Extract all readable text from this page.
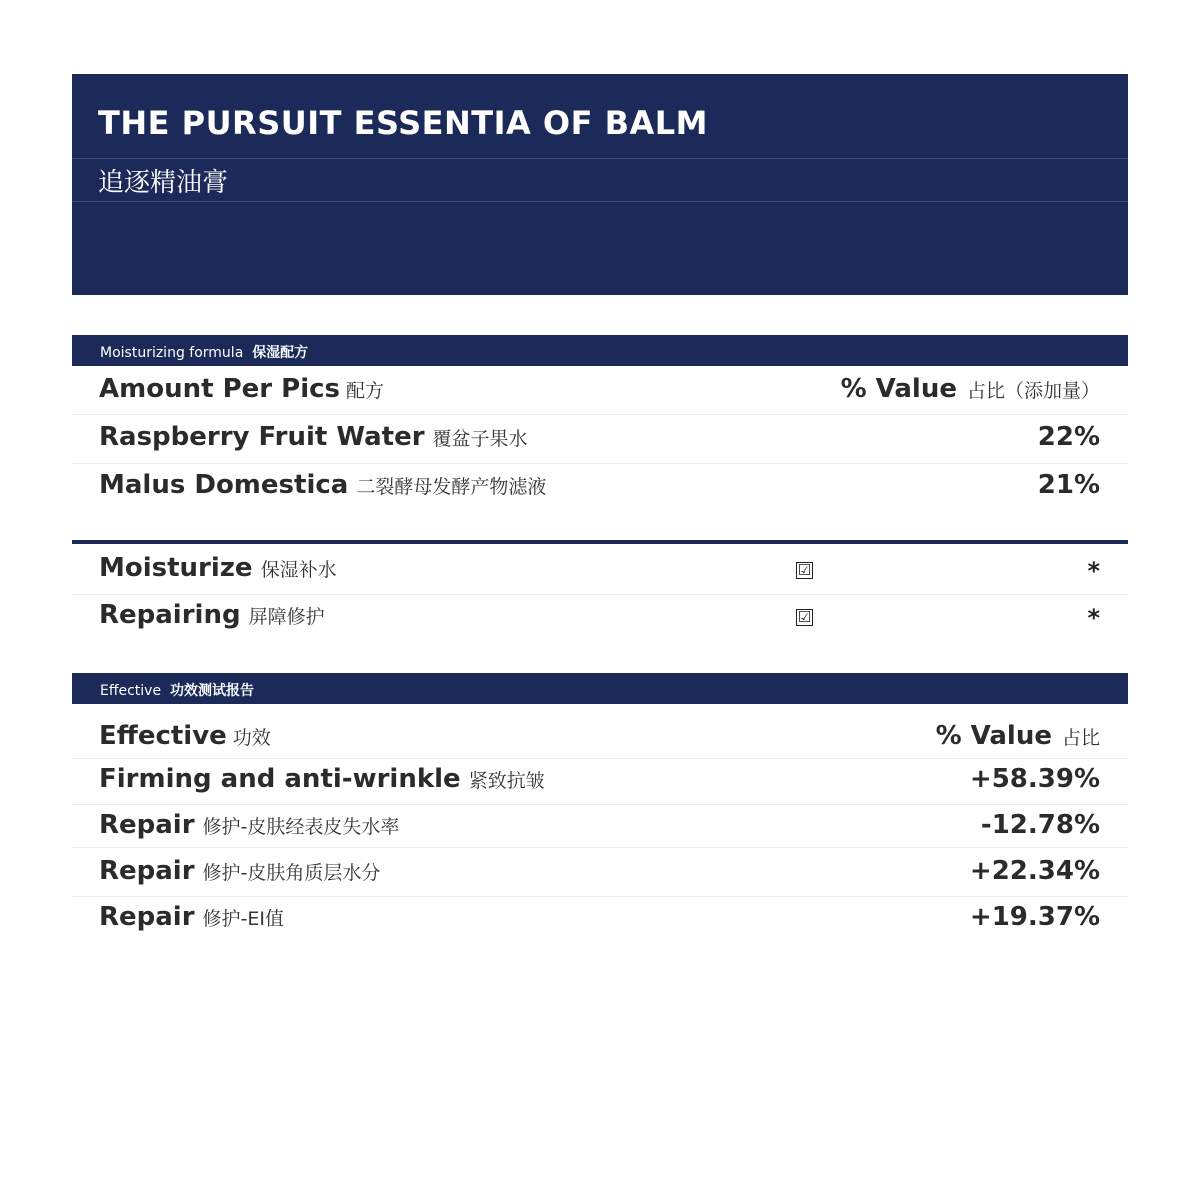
THE PURSUIT ESSENTIA OF BALM
追逐精油膏
Moisturizing formula 保湿配方
Amount Per Pics 配方	% Value 占比（添加量）
Raspberry Fruit Water 覆盆子果水	22%
Malus Domestica 二裂酵母发酵产物滤液	21%
Moisturize 保湿补水	☑	*
Repairing 屏障修护	☑	*
Effective 功效测试报告
Effective 功效	% Value 占比
Firming and anti-wrinkle 紧致抗皱	+58.39%
Repair 修护-皮肤经表皮失水率	-12.78%
Repair 修护-皮肤角质层水分	+22.34%
Repair 修护-EI值	+19.37%
